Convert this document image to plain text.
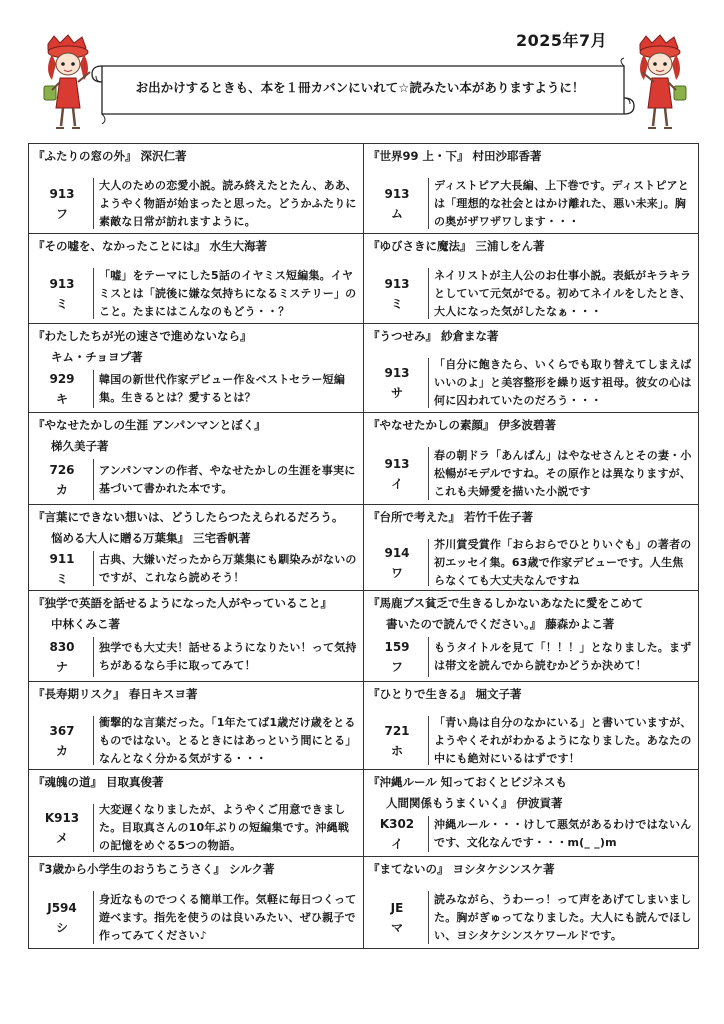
2025年7月
お出かけするときも、本を１冊カバンにいれて☆読みたい本がありますように！
『ふたりの窓の外』 深沢仁著
913
フ
大人のための恋愛小説。読み終えたとたん、ああ、ようやく物語が始まったと思った。どうかふたりに素敵な日常が訪れますように。
『世界99 上・下』 村田沙耶香著
913
ム
ディストピア大長編、上下巻です。ディストピアとは「理想的な社会とはかけ離れた、悪い未来」。胸の奥がザワザワします・・・
『その嘘を、なかったことには』 水生大海著
913
ミ
「嘘」をテーマにした5話のイヤミス短編集。イヤミスとは「読後に嫌な気持ちになるミステリー」のこと。たまにはこんなのもどう・・？
『ゆびさきに魔法』 三浦しをん著
913
ミ
ネイリストが主人公のお仕事小説。表紙がキラキラとしていて元気がでる。初めてネイルをしたとき、大人になった気がしたなぁ・・・
『わたしたちが光の速さで進めないなら』
キム・チョヨプ著
929
キ
韓国の新世代作家デビュー作＆ベストセラー短編集。生きるとは？愛するとは？
『うつせみ』 紗倉まな著
913
サ
「自分に飽きたら、いくらでも取り替えてしまえばいいのよ」と美容整形を繰り返す祖母。彼女の心は何に囚われていたのだろう・・・
『やなせたかしの生涯 アンパンマンとぼく』
梯久美子著
726
カ
アンパンマンの作者、やなせたかしの生涯を事実に基づいて書かれた本です。
『やなせたかしの素顔』 伊多波碧著
913
イ
春の朝ドラ「あんぱん」はやなせさんとその妻・小松暢がモデルですね。その原作とは異なりますが、これも夫婦愛を描いた小説です
『言葉にできない想いは、どうしたらつたえられるだろう。
悩める大人に贈る万葉集』 三宅香帆著
911
ミ
古典、大嫌いだったから万葉集にも馴染みがないのですが、これなら読めそう！
『台所で考えた』 若竹千佐子著
914
ワ
芥川賞受賞作「おらおらでひとりいぐも」の著者の初エッセイ集。63歳で作家デビューです。人生焦らなくても大丈夫なんですね
『独学で英語を話せるようになった人がやっていること』
中林くみこ著
830
ナ
独学でも大丈夫！話せるようになりたい！って気持ちがあるなら手に取ってみて！
『馬鹿ブス貧乏で生きるしかないあなたに愛をこめて
書いたので読んでください。』 藤森かよこ著
159
フ
もうタイトルを見て「！！！」となりました。まずは帯文を読んでから読むかどうか決めて！
『長寿期リスク』 春日キスヨ著
367
カ
衝撃的な言葉だった。「1年たてば1歳だけ歳をとるものではない。とるときにはあっという間にとる」なんとなく分かる気がする・・・
『ひとりで生きる』 堀文子著
721
ホ
「青い鳥は自分のなかにいる」と書いていますが、ようやくそれがわかるようになりました。あなたの中にも絶対にいるはずです！
『魂魄の道』 目取真俊著
K913
メ
大変遅くなりましたが、ようやくご用意できました。目取真さんの10年ぶりの短編集です。沖縄戦の記憶をめぐる5つの物語。
『沖縄ルール 知っておくとビジネスも
人間関係もうまくいく』 伊波貢著
K302
イ
沖縄ルール・・・けして悪気があるわけではないんです、文化なんです・・・m(_ _)m
『3歳から小学生のおうちこうさく』 シルク著
J594
シ
身近なものでつくる簡単工作。気軽に毎日つくって遊べます。指先を使うのは良いみたい、ぜひ親子で作ってみてください♪
『まてないの』 ヨシタケシンスケ著
JE
マ
読みながら、うわーっ！って声をあげてしまいました。胸がぎゅってなりました。大人にも読んでほしい、ヨシタケシンスケワールドです。
